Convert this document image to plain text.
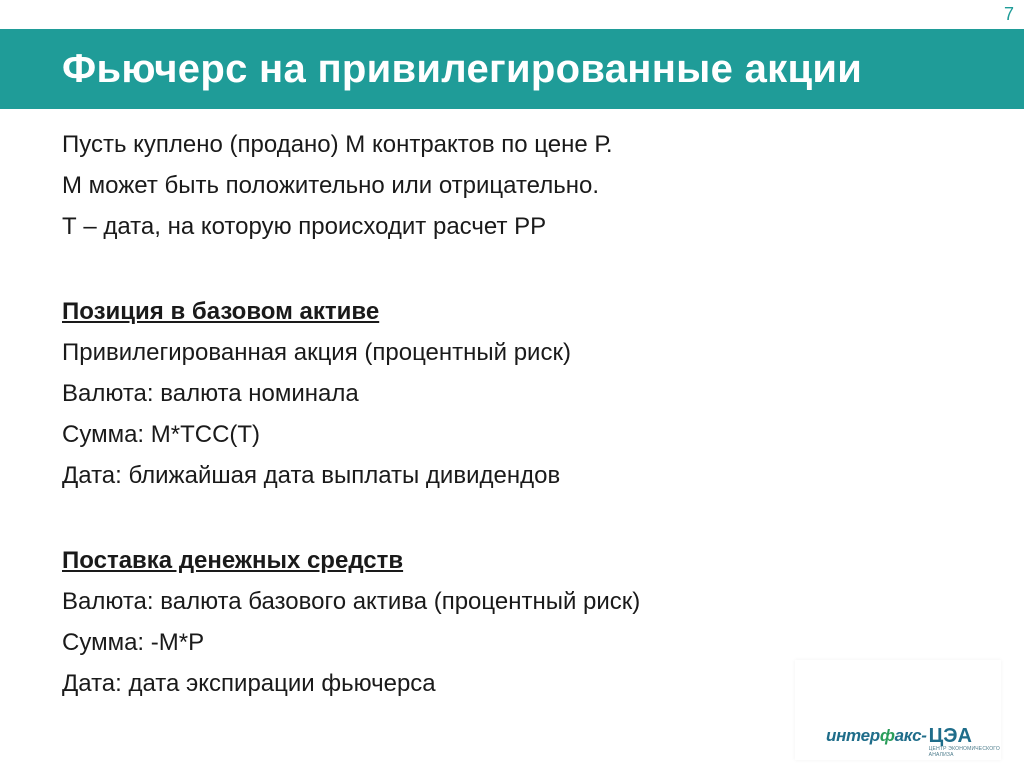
7
Фьючерс на привилегированные акции
Пусть куплено (продано) М контрактов по цене Р.
М может быть положительно или отрицательно.
Т – дата, на которую происходит расчет РР
Позиция в базовом активе
Привилегированная акция (процентный риск)
Валюта: валюта номинала
Сумма: М*TCC(T)
Дата: ближайшая дата выплаты дивидендов
Поставка денежных средств
Валюта: валюта базового актива (процентный риск)
Сумма: -М*Р
Дата: дата экспирации фьючерса
интерфакс- ЦЭА
ЦЕНТР ЭКОНОМИЧЕСКОГО АНАЛИЗА
